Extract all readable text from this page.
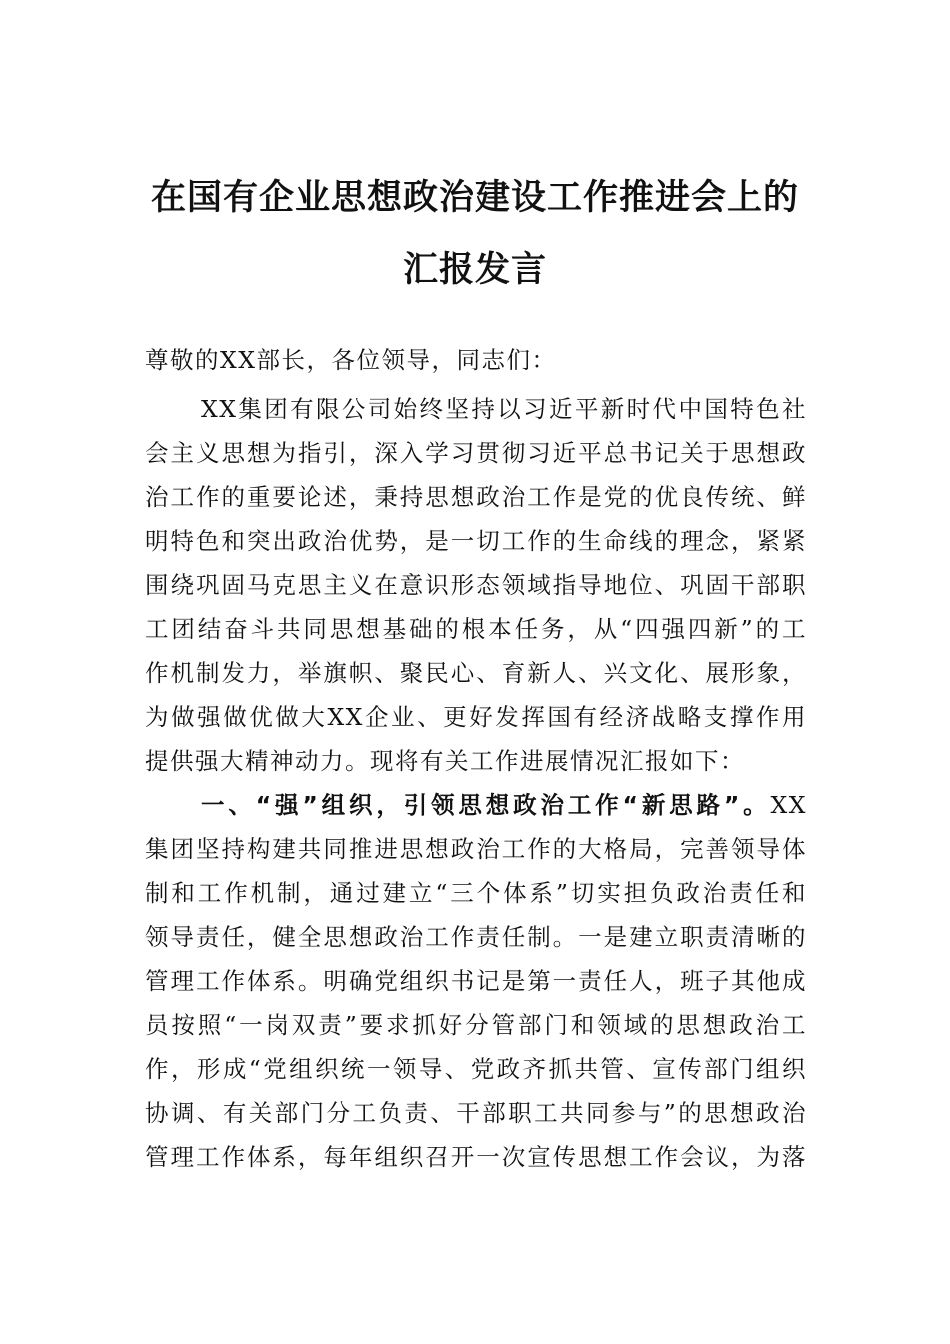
在国有企业思想政治建设工作推进会上的
汇报发言
尊敬的XX部长，各位领导，同志们：
XX集团有限公司始终坚持以习近平新时代中国特色社
会主义思想为指引，深入学习贯彻习近平总书记关于思想政
治工作的重要论述，秉持思想政治工作是党的优良传统、鲜
明特色和突出政治优势，是一切工作的生命线的理念，紧紧
围绕巩固马克思主义在意识形态领域指导地位、巩固干部职
工团结奋斗共同思想基础的根本任务，从“四强四新”的工
作机制发力，举旗帜、聚民心、育新人、兴文化、展形象，
为做强做优做大XX企业、更好发挥国有经济战略支撑作用
提供强大精神动力。现将有关工作进展情况汇报如下：
一、“强”组织，引领思想政治工作“新思路”。XX
集团坚持构建共同推进思想政治工作的大格局，完善领导体
制和工作机制，通过建立“三个体系”切实担负政治责任和
领导责任，健全思想政治工作责任制。一是建立职责清晰的
管理工作体系。明确党组织书记是第一责任人，班子其他成
员按照“一岗双责”要求抓好分管部门和领域的思想政治工
作，形成“党组织统一领导、党政齐抓共管、宣传部门组织
协调、有关部门分工负责、干部职工共同参与”的思想政治
管理工作体系，每年组织召开一次宣传思想工作会议，为落
